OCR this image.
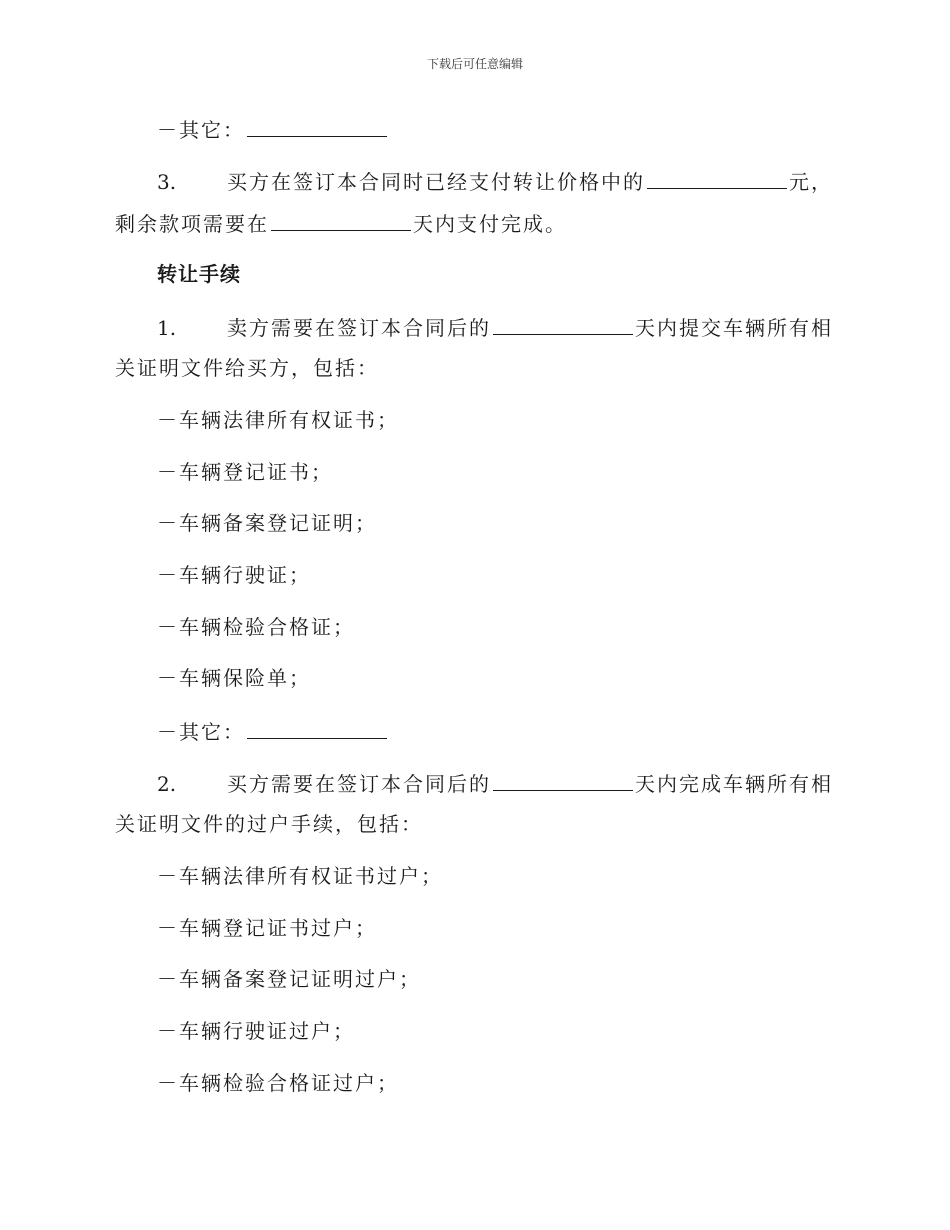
下载后可任意编辑
－其它：
3.	买方在签订本合同时已经支付转让价格中的	元，
剩余款项需要在	天内支付完成。
转让手续
1.	卖方需要在签订本合同后的	天内提交车辆所有相
关证明文件给买方，包括：
－车辆法律所有权证书；
－车辆登记证书；
－车辆备案登记证明；
－车辆行驶证；
－车辆检验合格证；
－车辆保险单；
－其它：
2.	买方需要在签订本合同后的	天内完成车辆所有相
关证明文件的过户手续，包括：
－车辆法律所有权证书过户；
－车辆登记证书过户；
－车辆备案登记证明过户；
－车辆行驶证过户；
－车辆检验合格证过户；
